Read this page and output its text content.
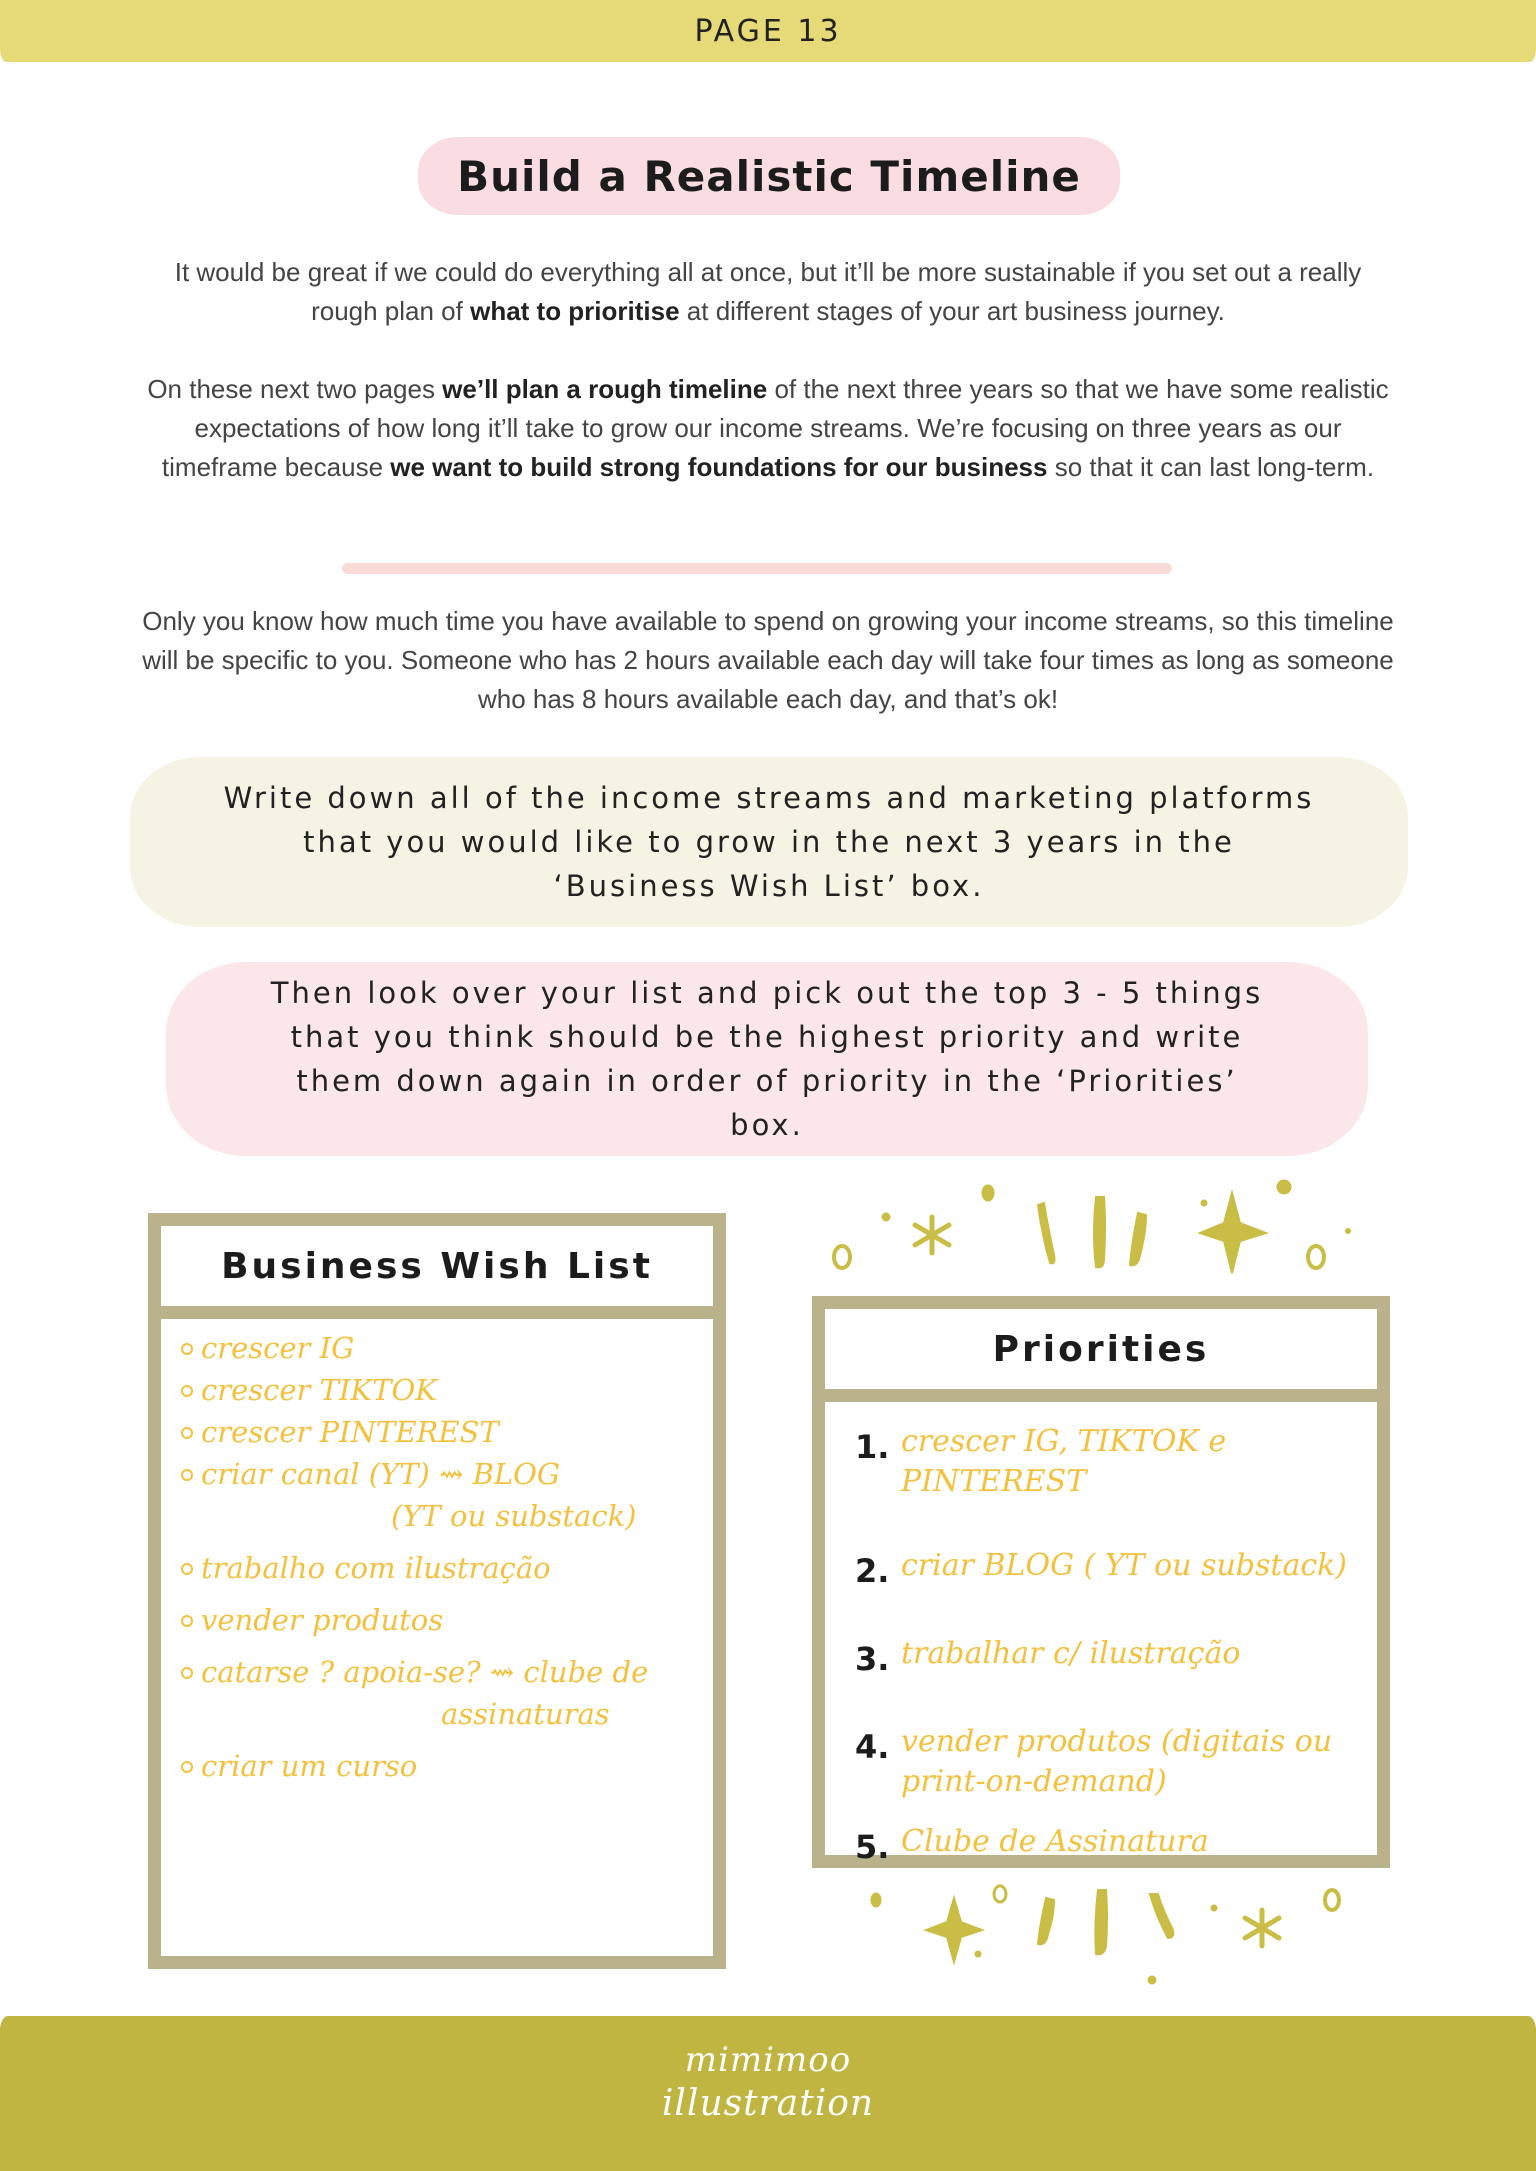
PAGE 13
Build a Realistic Timeline
It would be great if we could do everything all at once, but it’ll be more sustainable if you set out a really rough plan of what to prioritise at different stages of your art business journey.
On these next two pages we’ll plan a rough timeline of the next three years so that we have some realistic expectations of how long it’ll take to grow our income streams. We’re focusing on three years as our timeframe because we want to build strong foundations for our business so that it can last long-term.
Only you know how much time you have available to spend on growing your income streams, so this timeline will be specific to you. Someone who has 2 hours available each day will take four times as long as someone who has 8 hours available each day, and that’s ok!
Write down all of the income streams and marketing platforms that you would like to grow in the next 3 years in the ‘Business Wish List’ box.
Then look over your list and pick out the top 3 - 5 things that you think should be the highest priority and write them down again in order of priority in the ‘Priorities’ box.
Business Wish List
crescer IG
crescer TIKTOK
crescer PINTEREST
criar canal (YT) ⇝ BLOG
(YT ou substack)
trabalho com ilustração
vender produtos
catarse ? apoia-se? ⇝ clube de
assinaturas
criar um curso
Priorities
1. crescer IG, TIKTOK e PINTEREST
2. criar BLOG ( YT ou substack)
3. trabalhar c/ ilustração
4. vender produtos (digitais ou print-on-demand)
5. Clube de Assinatura
mimimoo
illustration
